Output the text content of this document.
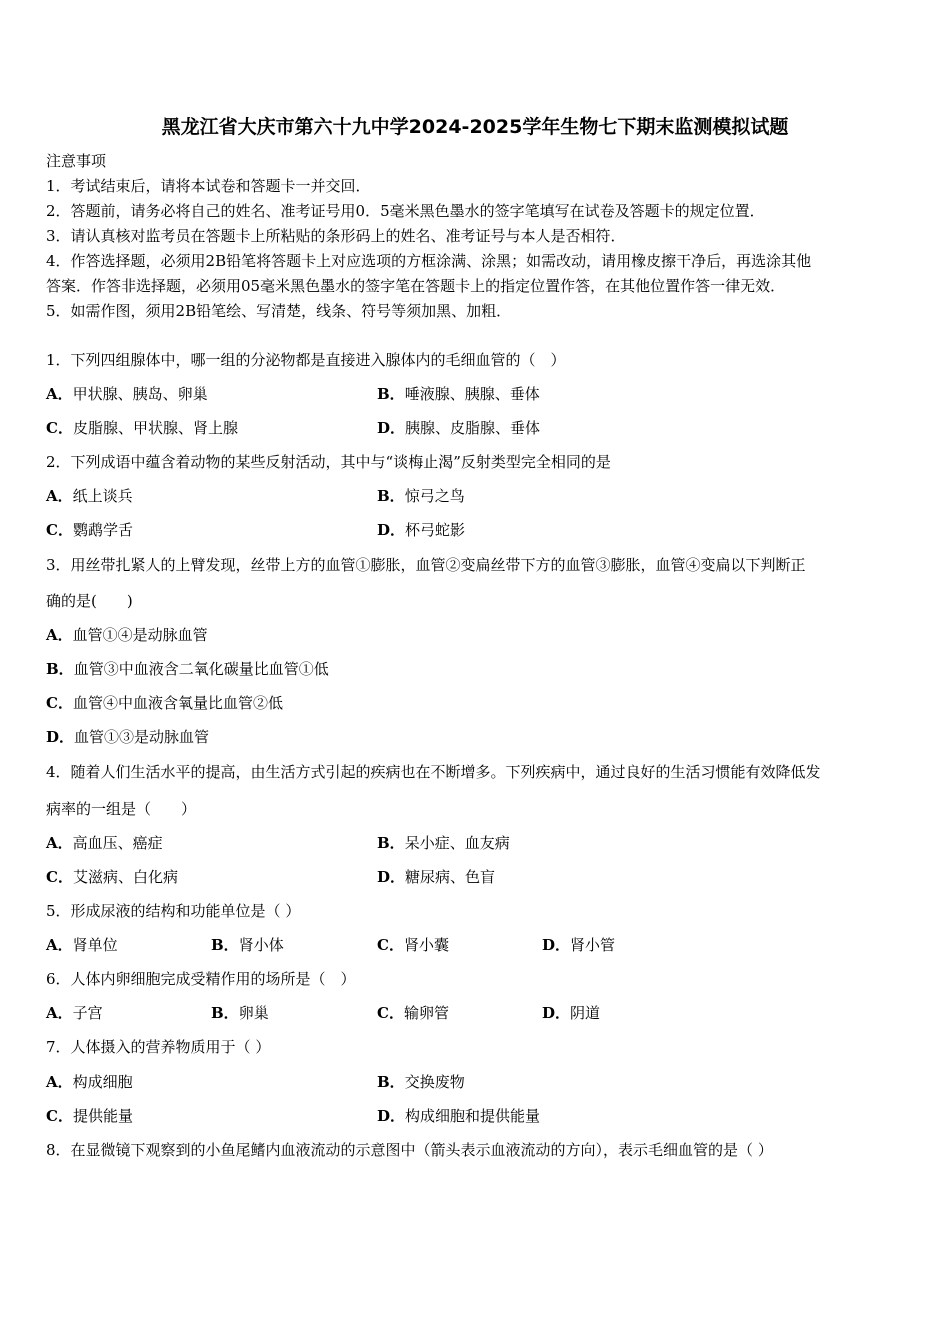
黑龙江省大庆市第六十九中学2024-2025学年生物七下期末监测模拟试题
注意事项
1．考试结束后，请将本试卷和答题卡一并交回．
2．答题前，请务必将自己的姓名、准考证号用0．5毫米黑色墨水的签字笔填写在试卷及答题卡的规定位置．
3．请认真核对监考员在答题卡上所粘贴的条形码上的姓名、准考证号与本人是否相符．
4．作答选择题，必须用2B铅笔将答题卡上对应选项的方框涂满、涂黑；如需改动，请用橡皮擦干净后，再选涂其他
答案．作答非选择题，必须用05毫米黑色墨水的签字笔在答题卡上的指定位置作答，在其他位置作答一律无效．
5．如需作图，须用2B铅笔绘、写清楚，线条、符号等须加黑、加粗．
1．下列四组腺体中，哪一组的分泌物都是直接进入腺体内的毛细血管的（　）
A．甲状腺、胰岛、卵巢	B．唾液腺、胰腺、垂体
C．皮脂腺、甲状腺、肾上腺	D．胰腺、皮脂腺、垂体
2．下列成语中蕴含着动物的某些反射活动，其中与“谈梅止渴”反射类型完全相同的是
A．纸上谈兵	B．惊弓之鸟
C．鹦鹉学舌	D．杯弓蛇影
3．用丝带扎紧人的上臂发现，丝带上方的血管①膨胀，血管②变扁丝带下方的血管③膨胀，血管④变扁以下判断正
确的是(　　)
A．血管①④是动脉血管
B．血管③中血液含二氧化碳量比血管①低
C．血管④中血液含氧量比血管②低
D．血管①③是动脉血管
4．随着人们生活水平的提高，由生活方式引起的疾病也在不断增多。下列疾病中，通过良好的生活习惯能有效降低发
病率的一组是（　　）
A．高血压、癌症	B．呆小症、血友病
C．艾滋病、白化病	D．糖尿病、色盲
5．形成尿液的结构和功能单位是（ ）
A．肾单位	B．肾小体	C．肾小囊	D．肾小管
6．人体内卵细胞完成受精作用的场所是（　）
A．子宫	B．卵巢	C．输卵管	D．阴道
7．人体摄入的营养物质用于（ ）
A．构成细胞	B．交换废物
C．提供能量	D．构成细胞和提供能量
8．在显微镜下观察到的小鱼尾鳍内血液流动的示意图中（箭头表示血液流动的方向），表示毛细血管的是（ ）
